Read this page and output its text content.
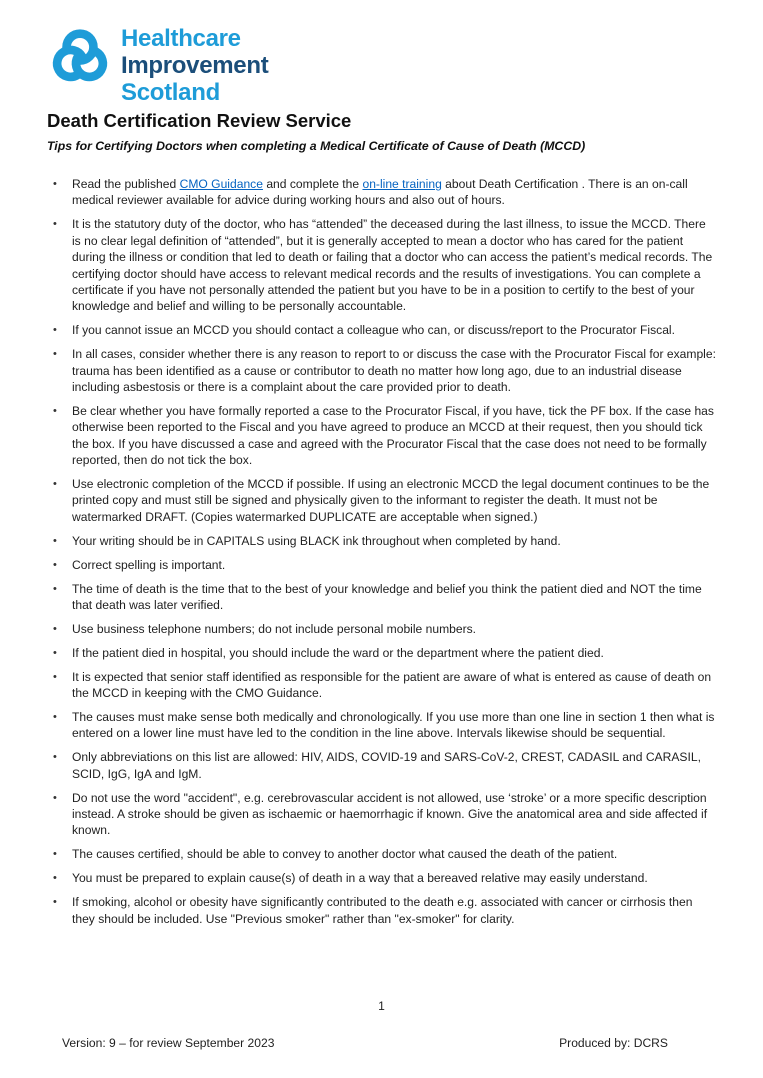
Healthcare
Improvement
Scotland
Death Certification Review Service

Tips for Certifying Doctors when completing a Medical Certificate of Cause of Death (MCCD)

• Read the published CMO Guidance and complete the on-line training about Death Certification . There is an on-call medical reviewer available for advice during working hours and also out of hours.
• It is the statutory duty of the doctor, who has “attended” the deceased during the last illness, to issue the MCCD. There is no clear legal definition of “attended”, but it is generally accepted to mean a doctor who has cared for the patient during the illness or condition that led to death or failing that a doctor who can access the patient’s medical records. The certifying doctor should have access to relevant medical records and the results of investigations. You can complete a certificate if you have not personally attended the patient but you have to be in a position to certify to the best of your knowledge and belief and willing to be personally accountable.
• If you cannot issue an MCCD you should contact a colleague who can, or discuss/report to the Procurator Fiscal.
• In all cases, consider whether there is any reason to report to or discuss the case with the Procurator Fiscal for example: trauma has been identified as a cause or contributor to death no matter how long ago, due to an industrial disease including asbestosis or there is a complaint about the care provided prior to death.
• Be clear whether you have formally reported a case to the Procurator Fiscal, if you have, tick the PF box. If the case has otherwise been reported to the Fiscal and you have agreed to produce an MCCD at their request, then you should tick the box. If you have discussed a case and agreed with the Procurator Fiscal that the case does not need to be formally reported, then do not tick the box.
• Use electronic completion of the MCCD if possible. If using an electronic MCCD the legal document continues to be the printed copy and must still be signed and physically given to the informant to register the death. It must not be watermarked DRAFT. (Copies watermarked DUPLICATE are acceptable when signed.)
• Your writing should be in CAPITALS using BLACK ink throughout when completed by hand.
• Correct spelling is important.
• The time of death is the time that to the best of your knowledge and belief you think the patient died and NOT the time that death was later verified.
• Use business telephone numbers; do not include personal mobile numbers.
• If the patient died in hospital, you should include the ward or the department where the patient died.
• It is expected that senior staff identified as responsible for the patient are aware of what is entered as cause of death on the MCCD in keeping with the CMO Guidance.
• The causes must make sense both medically and chronologically. If you use more than one line in section 1 then what is entered on a lower line must have led to the condition in the line above. Intervals likewise should be sequential.
• Only abbreviations on this list are allowed: HIV, AIDS, COVID-19 and SARS-CoV-2, CREST, CADASIL and CARASIL, SCID, IgG, IgA and IgM.
• Do not use the word "accident", e.g. cerebrovascular accident is not allowed, use ‘stroke’ or a more specific description instead. A stroke should be given as ischaemic or haemorrhagic if known. Give the anatomical area and side affected if known.
• The causes certified, should be able to convey to another doctor what caused the death of the patient.
• You must be prepared to explain cause(s) of death in a way that a bereaved relative may easily understand.
• If smoking, alcohol or obesity have significantly contributed to the death e.g. associated with cancer or cirrhosis then they should be included. Use "Previous smoker" rather than "ex-smoker" for clarity.
1
Version: 9 – for review September 2023	Produced by: DCRS
